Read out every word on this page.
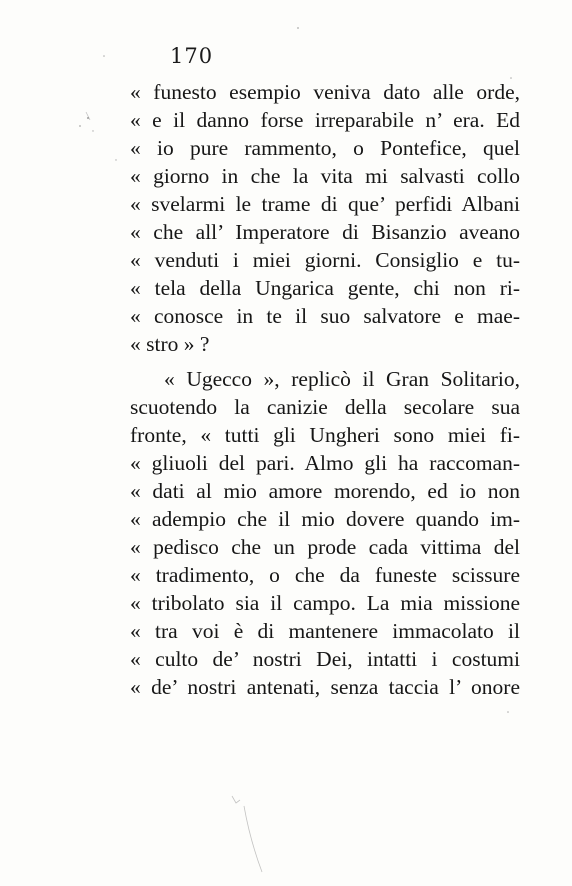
170
« funesto esempio veniva dato alle orde,
« e il danno forse irreparabile n’ era. Ed
« io pure rammento, o Pontefice, quel
« giorno in che la vita mi salvasti collo
« svelarmi le trame di que’ perfidi Albani
« che all’ Imperatore di Bisanzio aveano
« venduti i miei giorni. Consiglio e tu-
« tela della Ungarica gente, chi non ri-
« conosce in te il suo salvatore e mae-
« stro » ?
« Ugecco », replicò il Gran Solitario,
scuotendo la canizie della secolare sua
fronte, « tutti gli Ungheri sono miei fi-
« gliuoli del pari. Almo gli ha raccoman-
« dati al mio amore morendo, ed io non
« adempio che il mio dovere quando im-
« pedisco che un prode cada vittima del
« tradimento, o che da funeste scissure
« tribolato sia il campo. La mia missione
« tra voi è di mantenere immacolato il
« culto de’ nostri Dei, intatti i costumi
« de’ nostri antenati, senza taccia l’ onore
